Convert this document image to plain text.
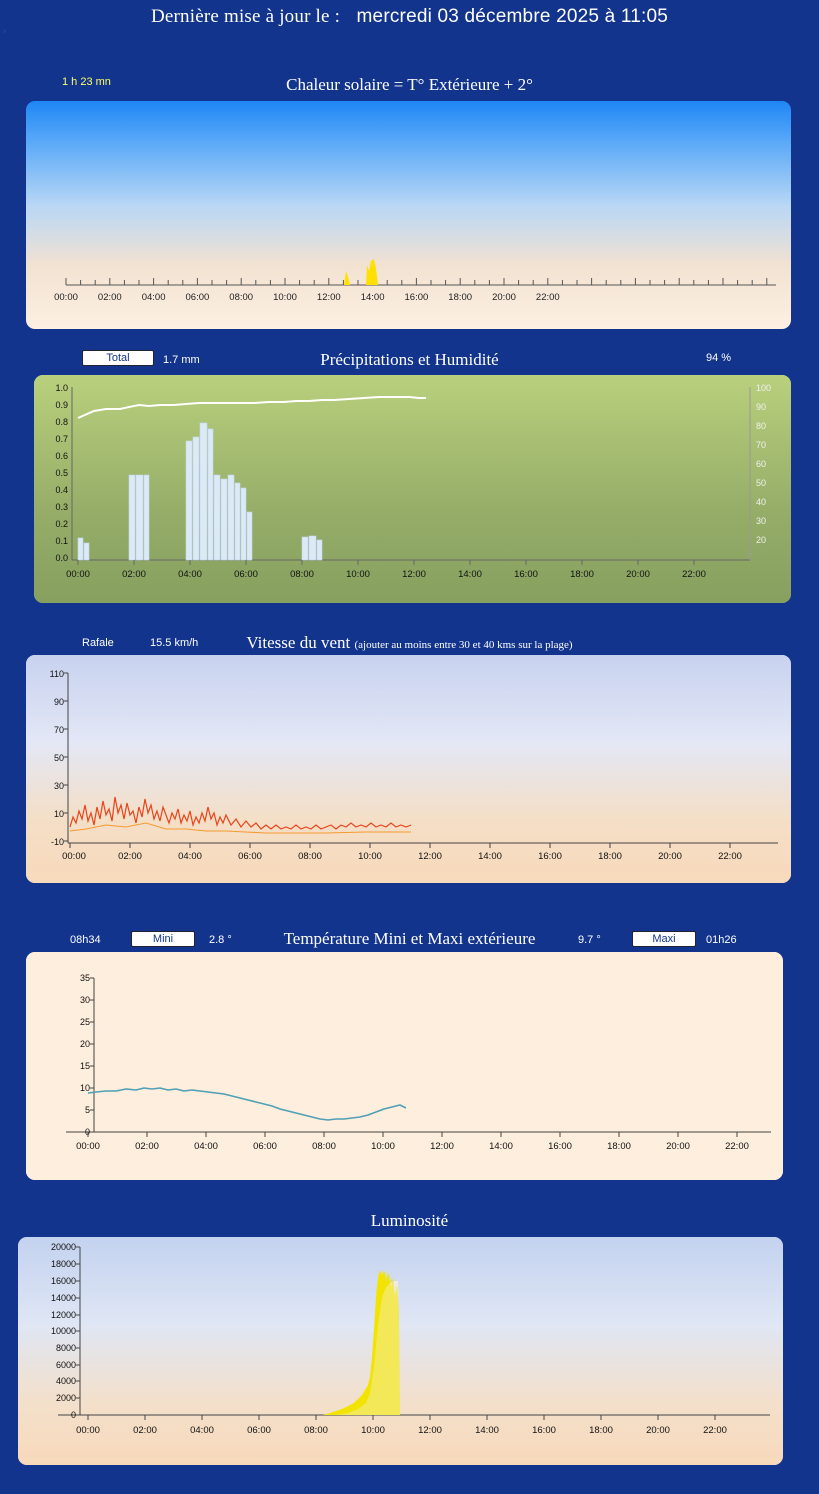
›
Dernière mise à jour le : mercredi 03 décembre 2025 à 11:05
Chaleur solaire = T° Extérieure + 2°
1 h 23 mn
00:00 02:00 04:00 06:00 08:00 10:00 12:00 14:00 16:00 18:00 20:00 22:00
Précipitations et Humidité
Total	1.7 mm	94 %
1.0
0.9
0.8
0.7
0.6
0.5
0.4
0.3
0.2
0.1
0.0
100
90
80
70
60
50
40
30
20
00:00	02:00	04:00	06:00	08:00	10:00	12:00	14:00	16:00	18:00	20:00	22:00
Vitesse du vent (ajouter au moins entre 30 et 40 kms sur la plage)
Rafale	15.5 km/h
110
90
70
50
30
10
-10
00:00	02:00	04:00	06:00	08:00	10:00	12:00	14:00	16:00	18:00	20:00	22:00
Température Mini et Maxi extérieure
08h34	Mini	2.8 °	9.7 °	Maxi	01h26
35
30
25
20
15
10
5
0
00:00	02:00	04:00	06:00	08:00	10:00	12:00	14:00	16:00	18:00	20:00	22:00
Luminosité
20000
18000
16000
14000
12000
10000
8000
6000
4000
2000
0
00:00	02:00	04:00	06:00	08:00	10:00	12:00	14:00	16:00	18:00	20:00	22:00
